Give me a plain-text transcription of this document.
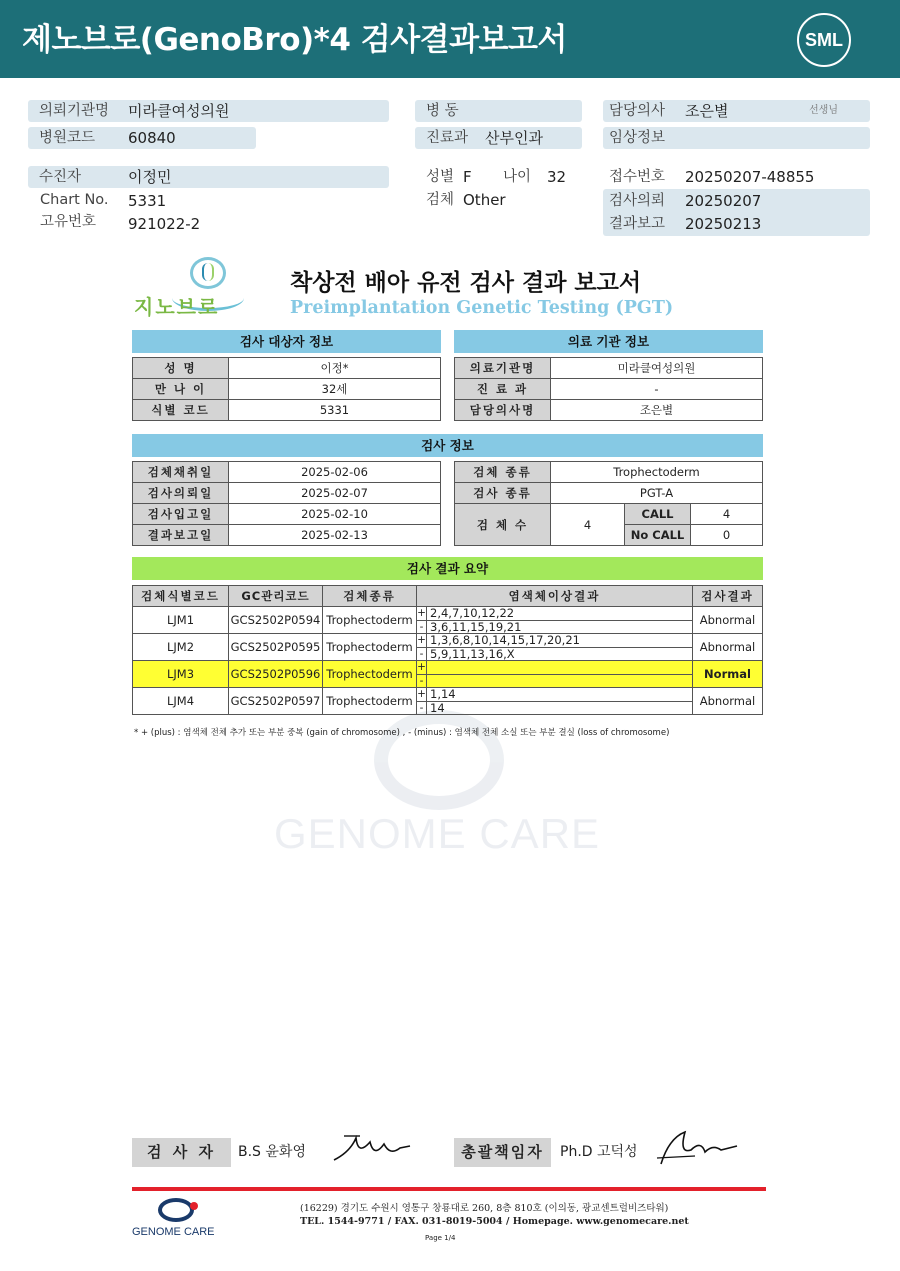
제노브로(GenoBro)*4 검사결과보고서	SML
의뢰기관명 미라클여성의원
병원코드 60840
수진자	이정민
Chart No. 5331
고유번호 921022-2
병 동
진료과 산부인과
성별 F 나이 32
검체 Other
담당의사 조은별	선생님
임상정보
접수번호 20250207-48855
검사의뢰 20250207
결과보고 20250213
지노브로
착상전 배아 유전 검사 결과 보고서
Preimplantation Genetic Testing (PGT)
GENOME CARE
검사 대상자 정보
성 명	이정*
만 나 이	32세
식별 코드	5331
의료 기관 정보
의료기관명	미라클여성의원
진 료 과	-
담당의사명	조은별
검사 정보
검체채취일	2025-02-06
검사의뢰일	2025-02-07
검사입고일	2025-02-10
결과보고일	2025-02-13
검체 종류	Trophectoderm		
검사 종류	PGT-A		
검 체 수	4	CALL	4
		No CALL	0
검사 결과 요약
검체식별코드	GC관리코드	검체종류	염색체이상결과	검사결과
LJM1	GCS2502P0594	Trophectoderm	+ 2,4,7,10,12,22
- 3,6,11,15,19,21	Abnormal
LJM2	GCS2502P0595	Trophectoderm	+ 1,3,6,8,10,14,15,17,20,21
- 5,9,11,13,16,X	Abnormal
LJM3	GCS2502P0596	Trophectoderm	+
-	Normal
LJM4	GCS2502P0597	Trophectoderm	+ 1,14
- 14	Abnormal
* + (plus) : 염색체 전체 추가 또는 부분 중복 (gain of chromosome) , - (minus) : 염색체 전체 소실 또는 부분 결실 (loss of chromosome)
검 사 자	B.S 윤화영	총괄책임자	Ph.D 고덕성
GENOME CARE
(16229) 경기도 수원시 영통구 창룡대로 260, 8층 810호 (이의동, 광교센트럴비즈타워)
TEL. 1544-9771 / FAX. 031-8019-5004 / Homepage. www.genomecare.net
Page 1/4
